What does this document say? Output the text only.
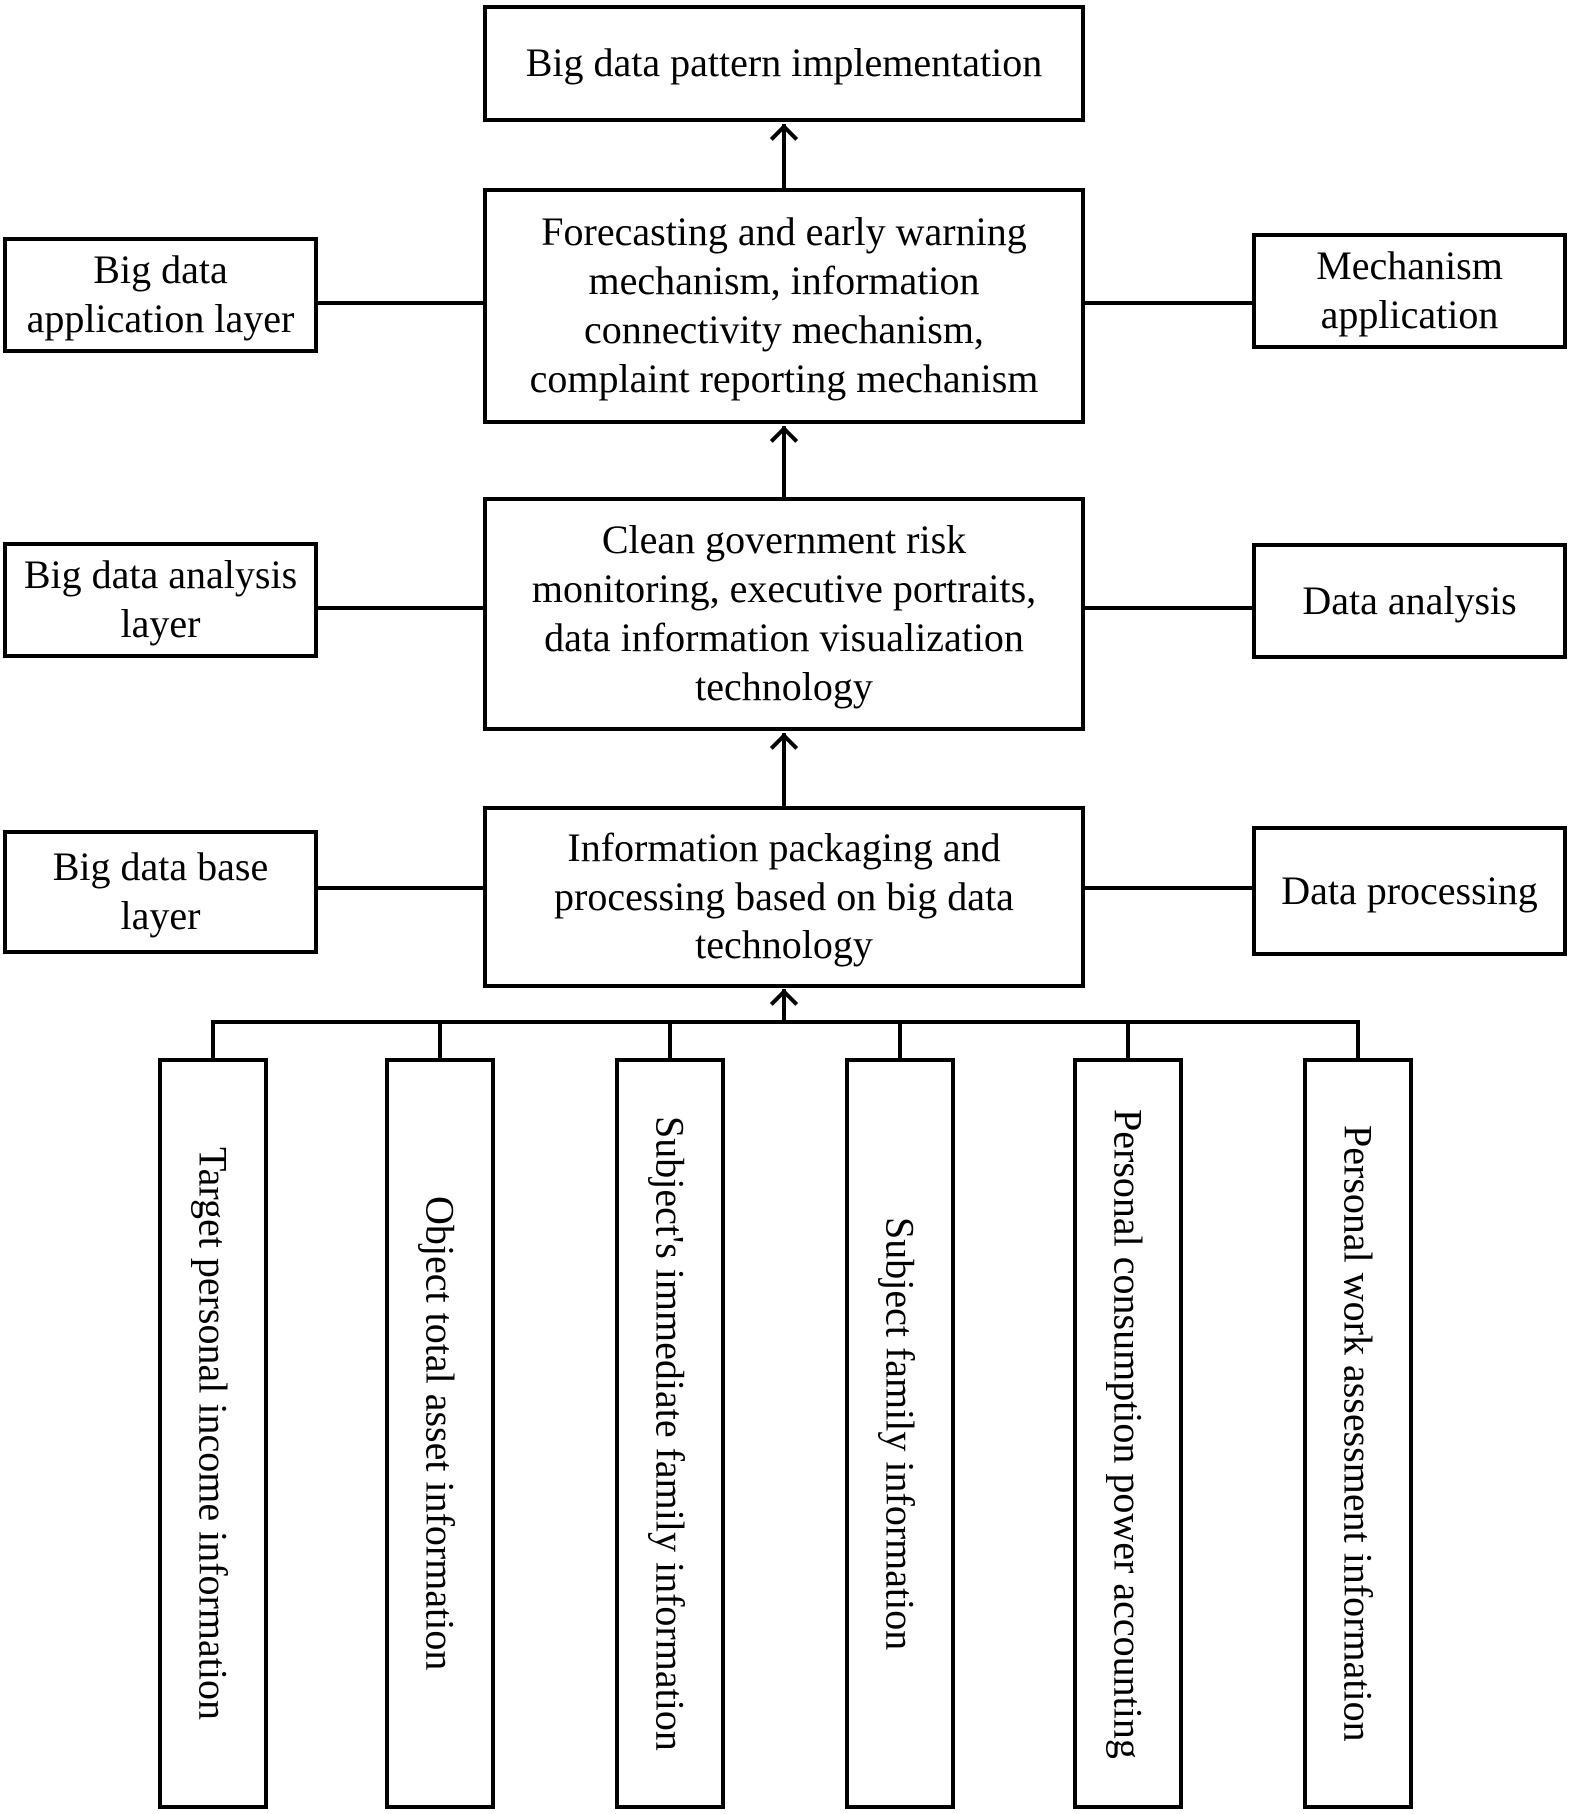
Big data pattern implementation
Forecasting and early warning mechanism, information connectivity mechanism, complaint reporting mechanism
Clean government risk monitoring, executive portraits, data information visualization technology
Information packaging and processing based on big data technology
Big data application layer
Big data analysis layer
Big data base layer
Mechanism application
Data analysis
Data processing
Target personal income information	Object total asset information	Subject's immediate family information	Subject family information	Personal consumption power accounting	Personal work assessment information
